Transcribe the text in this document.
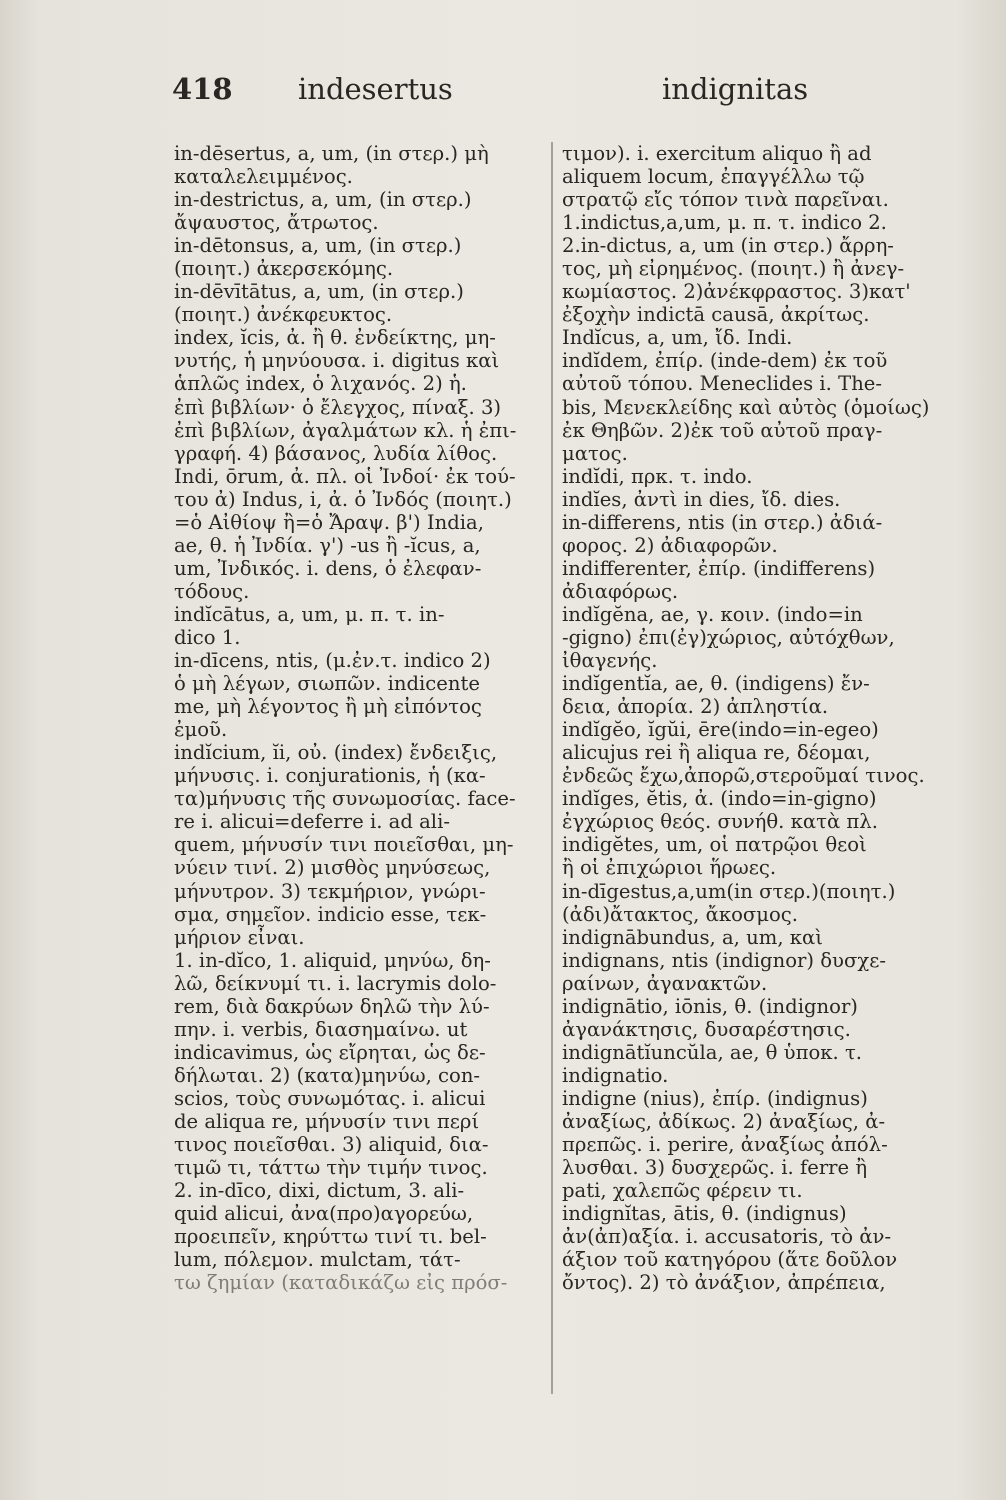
418 indesertus	indignitas
in-dēsertus, a, um, (in στερ.) μὴ
καταλελειμμένος.
in-destrictus, a, um, (in στερ.)
ἄψαυστος, ἄτρωτος.
in-dētonsus, a, um, (in στερ.)
(ποιητ.) ἀκερσεκόμης.
in-dēvītātus, a, um, (in στερ.)
(ποιητ.) ἀνέκφευκτος.
index, ĭcis, ἀ. ἢ θ. ἐνδείκτης, μη-
νυτής, ἡ μηνύουσα. i. digitus καὶ
ἁπλῶς index, ὁ λιχανός. 2) ἡ.
ἐπὶ βιβλίων· ὁ ἔλεγχος, πίναξ. 3)
ἐπὶ βιβλίων, ἀγαλμάτων κλ. ἡ ἐπι-
γραφή. 4) βάσανος, λυδία λίθος.
Indi, ōrum, ἀ. πλ. οἱ Ἰνδοί· ἐκ τού-
του ἀ) Indus, i, ἀ. ὁ Ἰνδός (ποιητ.)
=ὁ Αἰθίοψ ἢ=ὁ Ἄραψ. β') India,
ae, θ. ἡ Ἰνδία. γ') -us ἢ -ĭcus, a,
um, Ἰνδικός. i. dens, ὁ ἐλεφαν-
τόδους.
indĭcātus, a, um, μ. π. τ. in-
dico 1.
in-dīcens, ntis, (μ.ἐν.τ. indico 2)
ὁ μὴ λέγων, σιωπῶν. indicente
me, μὴ λέγοντος ἢ μὴ εἰπόντος
ἐμοῦ.
indĭcium, ĭi, οὐ. (index) ἔνδειξις,
μήνυσις. i. conjurationis, ἡ (κα-
τα)μήνυσις τῆς συνωμοσίας. face-
re i. alicui=deferre i. ad ali-
quem, μήνυσίν τινι ποιεῖσθαι, μη-
νύειν τινί. 2) μισθὸς μηνύσεως,
μήνυτρον. 3) τεκμήριον, γνώρι-
σμα, σημεῖον. indicio esse, τεκ-
μήριον εἶναι.
1. in-dĭco, 1. aliquid, μηνύω, δη-
λῶ, δείκνυμί τι. i. lacrymis dolo-
rem, διὰ δακρύων δηλῶ τὴν λύ-
πην. i. verbis, διασημαίνω. ut
indicavimus, ὡς εἴρηται, ὡς δε-
δήλωται. 2) (κατα)μηνύω, con-
scios, τοὺς συνωμότας. i. alicui
de aliqua re, μήνυσίν τινι περί
τινος ποιεῖσθαι. 3) aliquid, δια-
τιμῶ τι, τάττω τὴν τιμήν τινος.
2. in-dīco, dixi, dictum, 3. ali-
quid alicui, ἀνα(προ)αγορεύω,
προειπεῖν, κηρύττω τινί τι. bel-
lum, πόλεμον. mulctam, τάτ-
τω ζημίαν (καταδικάζω εἰς πρόσ-
τιμον). i. exercitum aliquo ἢ ad
aliquem locum, ἐπαγγέλλω τῷ
στρατῷ εἴς τόπον τινὰ παρεῖναι.
1.indictus,a,um, μ. π. τ. indico 2.
2.in-dictus, a, um (in στερ.) ἄρρη-
τος, μὴ εἰρημένος. (ποιητ.) ἢ ἀνεγ-
κωμίαστος. 2)ἀνέκφραστος. 3)κατ'
ἐξοχὴν indictā causā, ἀκρίτως.
Indĭcus, a, um, ἴδ. Indi.
indĭdem, ἐπίρ. (inde-dem) ἐκ τοῦ
αὐτοῦ τόπου. Meneclides i. The-
bis, Μενεκλείδης καὶ αὐτὸς (ὁμοίως)
ἐκ Θηβῶν. 2)ἐκ τοῦ αὐτοῦ πραγ-
ματος.
indĭdi, πρκ. τ. indo.
indĭes, ἀντὶ in dies, ἴδ. dies.
in-differens, ntis (in στερ.) ἀδιά-
φορος. 2) ἀδιαφορῶν.
indifferenter, ἐπίρ. (indifferens)
ἀδιαφόρως.
indĭgĕna, ae, γ. κοιν. (indo=in
-gigno) ἐπι(ἐγ)χώριος, αὐτόχθων,
ἰθαγενής.
indĭgentĭa, ae, θ. (indigens) ἔν-
δεια, ἀπορία. 2) ἀπληστία.
indĭgĕo, ĭgŭi, ēre(indo=in-egeo)
alicujus rei ἢ aliqua re, δέομαι,
ἐνδεῶς ἔχω,ἀπορῶ,στεροῦμαί τινος.
indĭges, ĕtis, ἀ. (indo=in-gigno)
ἐγχώριος θεός. συνήθ. κατὰ πλ.
indigĕtes, um, οἱ πατρῷοι θεοὶ
ἢ οἱ ἐπιχώριοι ἥρωες.
in-dīgestus,a,um(in στερ.)(ποιητ.)
(ἀδι)ἄτακτος, ἄκοσμος.
indignābundus, a, um, καὶ
indignans, ntis (indignor) δυσχε-
ραίνων, ἀγανακτῶν.
indignātio, iōnis, θ. (indignor)
ἀγανάκτησις, δυσαρέστησις.
indignātĭuncŭla, ae, θ ὑποκ. τ.
indignatio.
indigne (nius), ἐπίρ. (indignus)
ἀναξίως, ἀδίκως. 2) ἀναξίως, ἀ-
πρεπῶς. i. perire, ἀναξίως ἀπόλ-
λυσθαι. 3) δυσχερῶς. i. ferre ἢ
pati, χαλεπῶς φέρειν τι.
indignĭtas, ātis, θ. (indignus)
ἀν(ἀπ)αξία. i. accusatoris, τὸ ἀν-
άξιον τοῦ κατηγόρου (ἅτε δοῦλον
ὄντος). 2) τὸ ἀνάξιον, ἀπρέπεια,
